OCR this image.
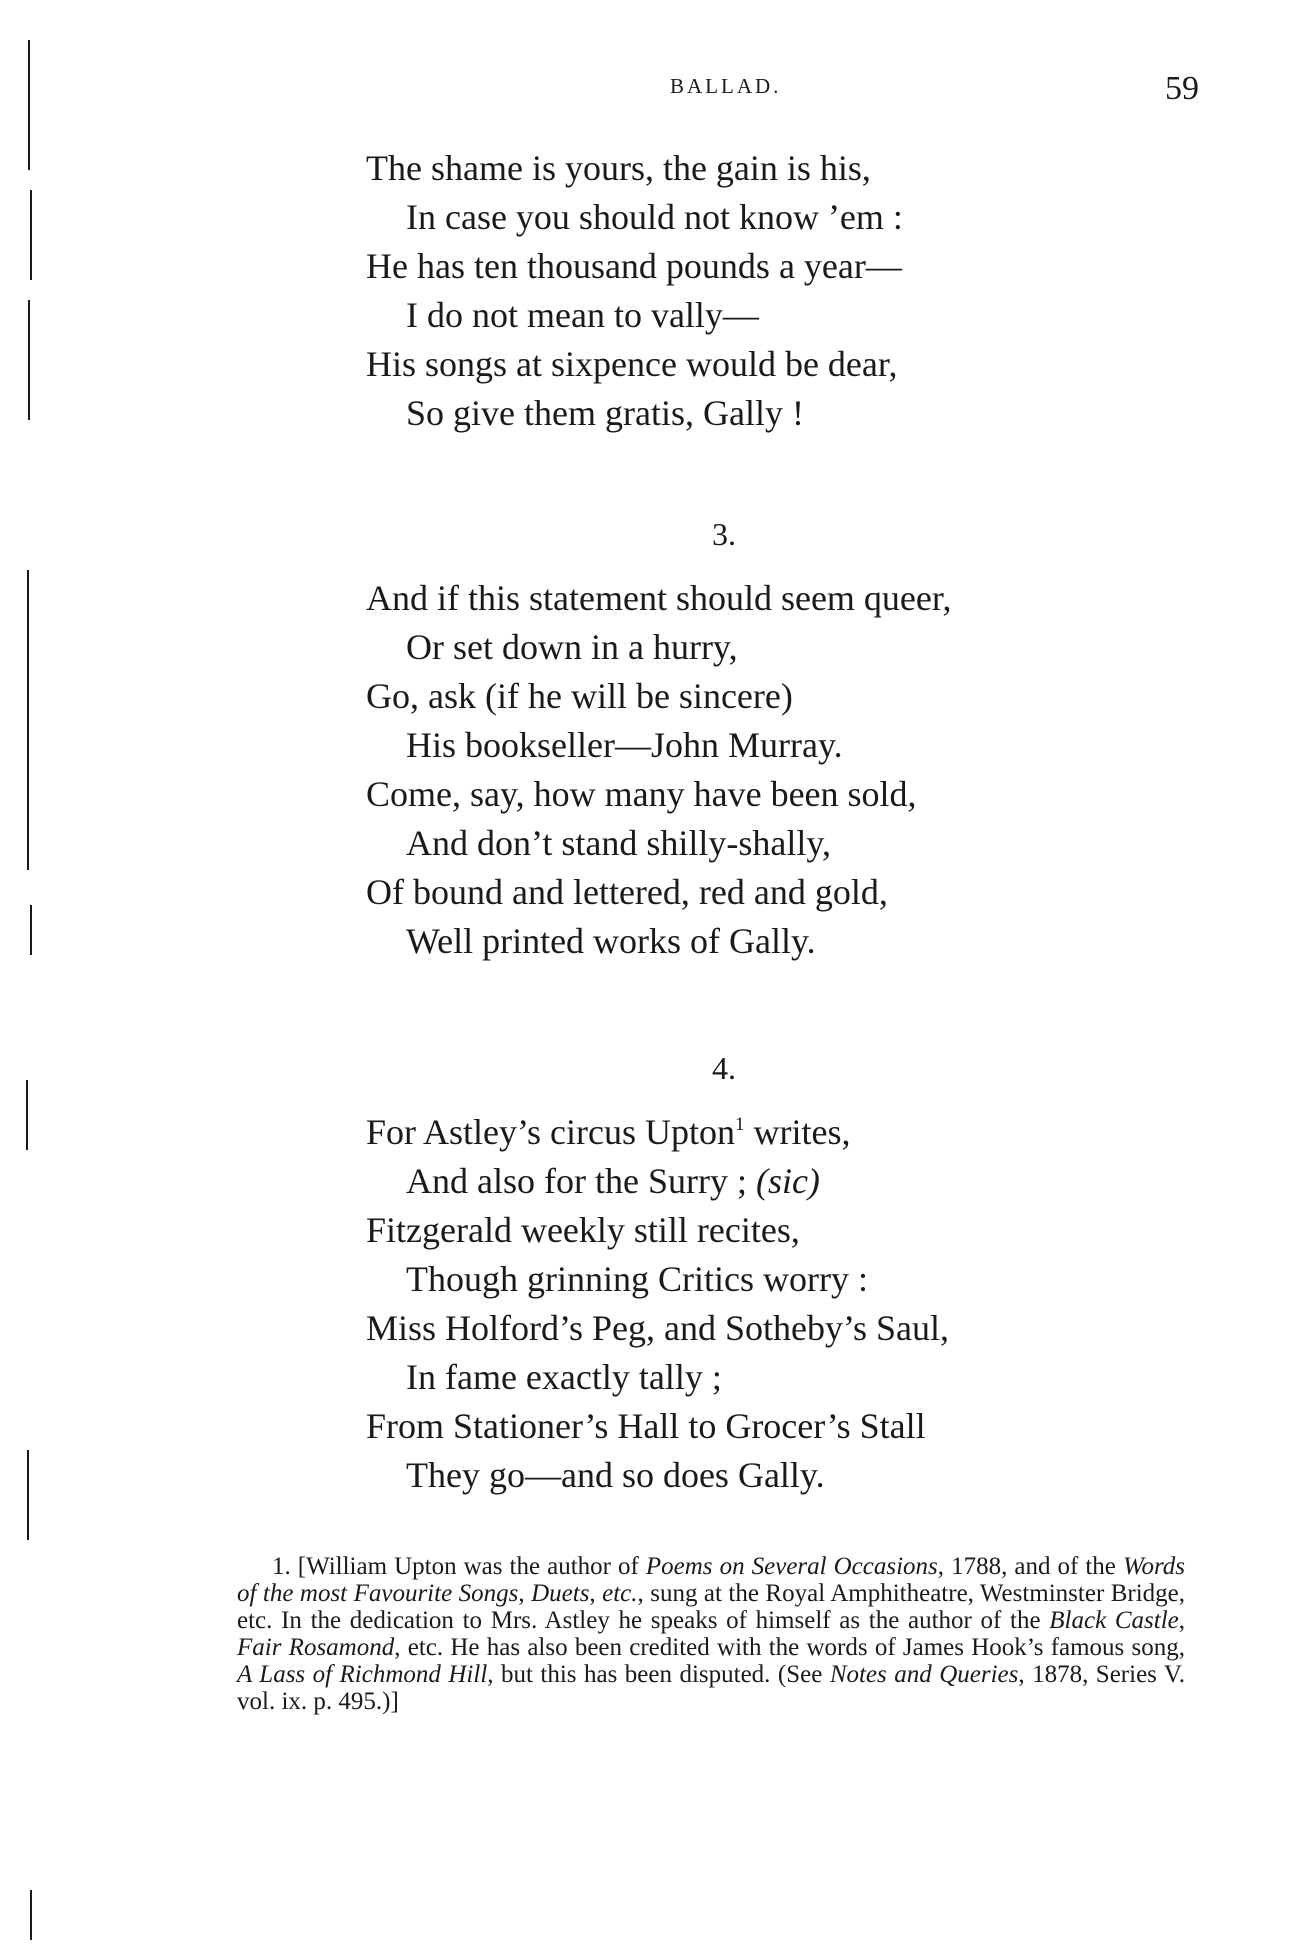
BALLAD.	59
The shame is yours, the gain is his,
In case you should not know ’em :
He has ten thousand pounds a year—
I do not mean to vally—
His songs at sixpence would be dear,
So give them gratis, Gally !
3.
And if this statement should seem queer,
Or set down in a hurry,
Go, ask (if he will be sincere)
His bookseller—John Murray.
Come, say, how many have been sold,
And don’t stand shilly-shally,
Of bound and lettered, red and gold,
Well printed works of Gally.
4.
For Astley’s circus Upton$^1$ writes,
And also for the Surry ; (sic)
Fitzgerald weekly still recites,
Though grinning Critics worry :
Miss Holford’s Peg, and Sotheby’s Saul,
In fame exactly tally ;
From Stationer’s Hall to Grocer’s Stall
They go—and so does Gally.
1. [William Upton was the author of Poems on Several Occasions, 1788, and of the Words of the most Favourite Songs, Duets, etc., sung at the Royal Amphitheatre, Westminster Bridge, etc. In the dedication to Mrs. Astley he speaks of himself as the author of the Black Castle, Fair Rosamond, etc. He has also been credited with the words of James Hook’s famous song, A Lass of Richmond Hill, but this has been disputed. (See Notes and Queries, 1878, Series V. vol. ix. p. 495.)]
